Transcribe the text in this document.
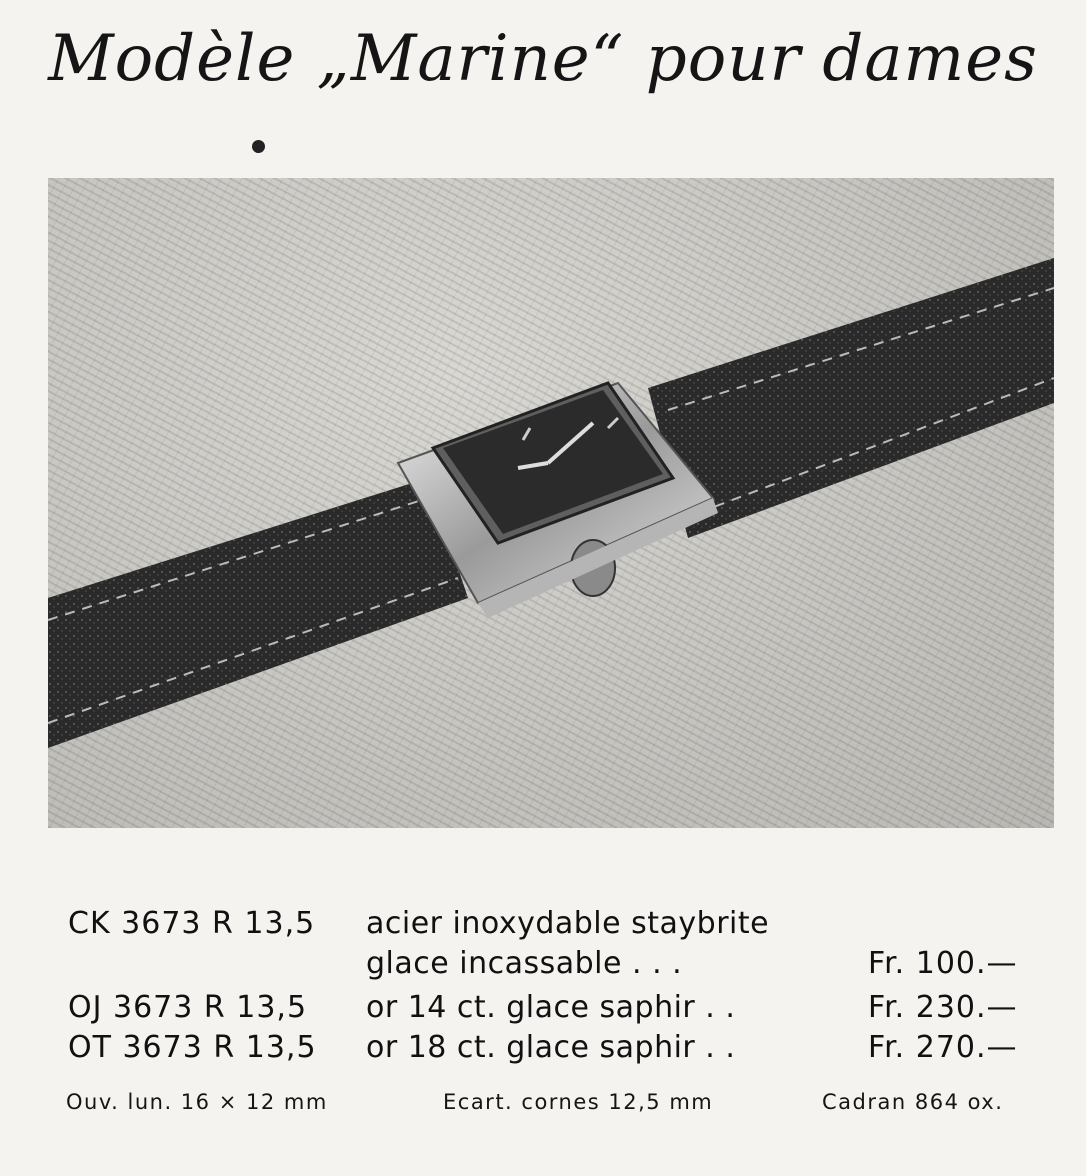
Modèle „Marine“ pour dames
CK 3673 R 13,5	acier inoxydable staybrite
glace incassable . . .	Fr. 100.—
OJ 3673 R 13,5	or 14 ct. glace saphir . .	Fr. 230.—
OT 3673 R 13,5	or 18 ct. glace saphir . .	Fr. 270.—
Ouv. lun. 16 × 12 mm	Ecart. cornes 12,5 mm	Cadran 864 ox.
